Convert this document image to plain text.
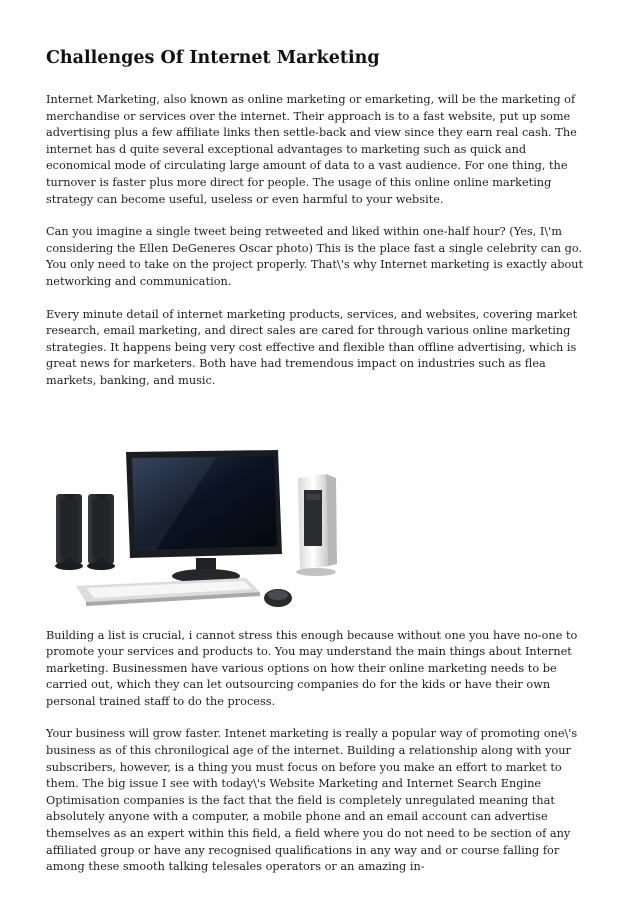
Challenges Of Internet Marketing

Internet Marketing, also known as online marketing or emarketing, will be the marketing of merchandise or services over the internet. Their approach is to a fast website, put up some advertising plus a few affiliate links then settle-back and view since they earn real cash. The internet has d quite several exceptional advantages to marketing such as quick and economical mode of circulating large amount of data to a vast audience. For one thing, the turnover is faster plus more direct for people. The usage of this online online marketing strategy can become useful, useless or even harmful to your website.

Can you imagine a single tweet being retweeted and liked within one-half hour? (Yes, I\'m considering the Ellen DeGeneres Oscar photo) This is the place fast a single celebrity can go. You only need to take on the project properly. That\'s why Internet marketing is exactly about networking and communication.

Every minute detail of internet marketing products, services, and websites, covering market research, email marketing, and direct sales are cared for through various online marketing strategies. It happens being very cost effective and flexible than offline advertising, which is great news for marketers. Both have had tremendous impact on industries such as flea markets, banking, and music.

Building a list is crucial, i cannot stress this enough because without one you have no-one to promote your services and products to. You may understand the main things about Internet marketing. Businessmen have various options on how their online marketing needs to be carried out, which they can let outsourcing companies do for the kids or have their own personal trained staff to do the process.

Your business will grow faster. Intenet marketing is really a popular way of promoting one\'s business as of this chronilogical age of the internet. Building a relationship along with your subscribers, however, is a thing you must focus on before you make an effort to market to them. The big issue I see with today\'s Website Marketing and Internet Search Engine Optimisation companies is the fact that the field is completely unregulated meaning that absolutely anyone with a computer, a mobile phone and an email account can advertise themselves as an expert within this field, a field where you do not need to be section of any affiliated group or have any recognised qualifications in any way and or course falling for among these smooth talking telesales operators or an amazing in-
